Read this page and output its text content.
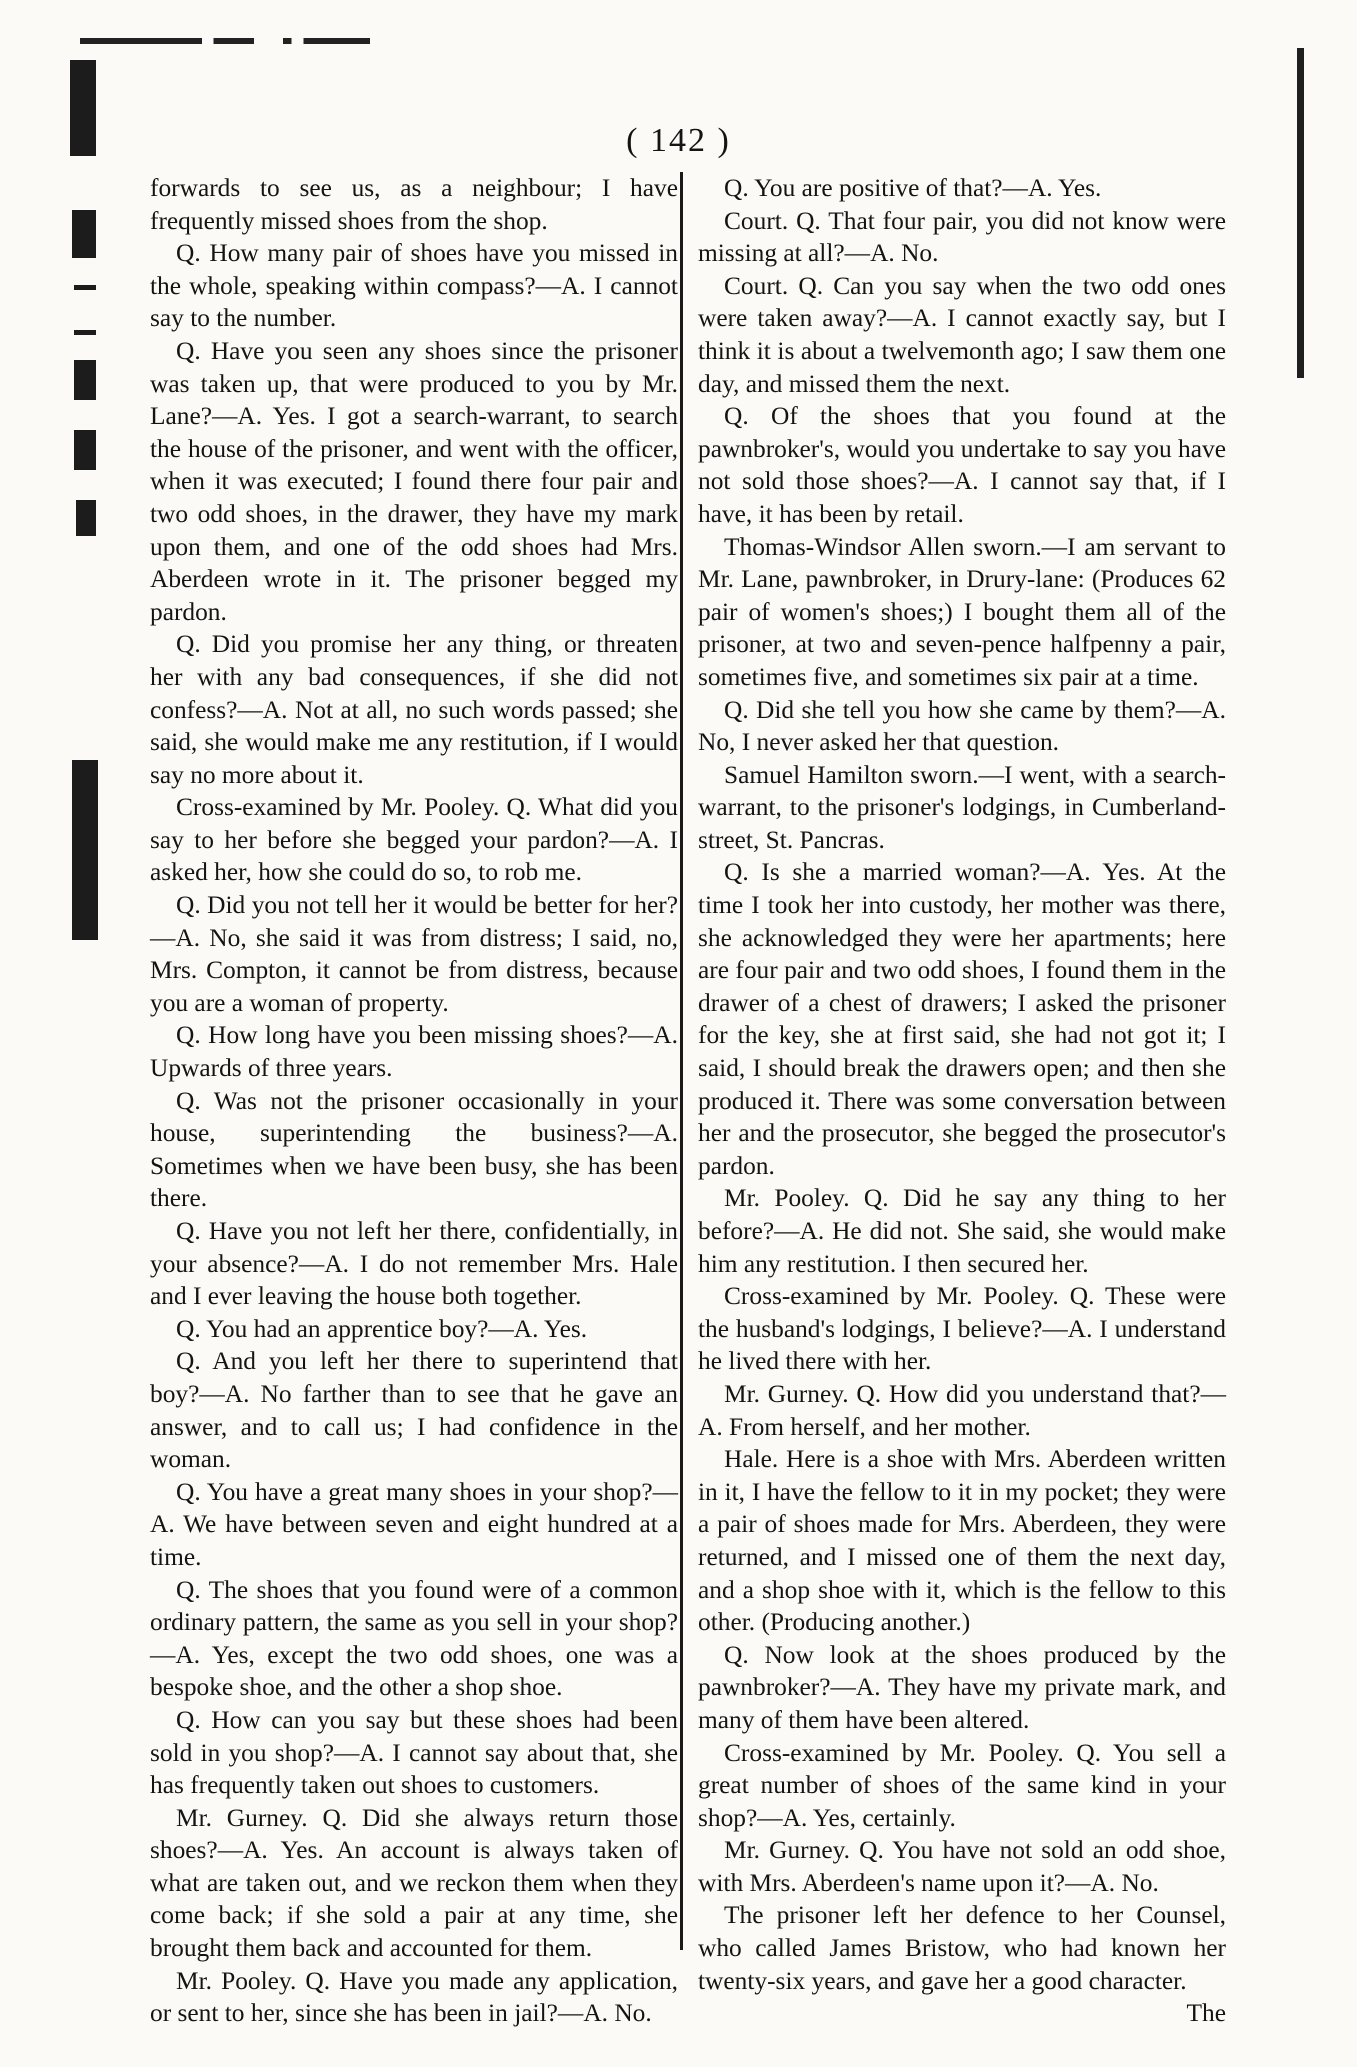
( 142 )

forwards to see us, as a neighbour; I have frequently missed shoes from the shop.

Q. How many pair of shoes have you missed in the whole, speaking within compass?—A. I cannot say to the number.

Q. Have you seen any shoes since the prisoner was taken up, that were produced to you by Mr. Lane?—A. Yes. I got a search-warrant, to search the house of the prisoner, and went with the officer, when it was executed; I found there four pair and two odd shoes, in the drawer, they have my mark upon them, and one of the odd shoes had Mrs. Aberdeen wrote in it. The prisoner begged my pardon.

Q. Did you promise her any thing, or threaten her with any bad consequences, if she did not confess?—A. Not at all, no such words passed; she said, she would make me any restitution, if I would say no more about it.

Cross-examined by Mr. Pooley. Q. What did you say to her before she begged your pardon?—A. I asked her, how she could do so, to rob me.

Q. Did you not tell her it would be better for her?—A. No, she said it was from distress; I said, no, Mrs. Compton, it cannot be from distress, because you are a woman of property.

Q. How long have you been missing shoes?—A. Upwards of three years.

Q. Was not the prisoner occasionally in your house, superintending the business?—A. Sometimes when we have been busy, she has been there.

Q. Have you not left her there, confidentially, in your absence?—A. I do not remember Mrs. Hale and I ever leaving the house both together.

Q. You had an apprentice boy?—A. Yes.

Q. And you left her there to superintend that boy?—A. No farther than to see that he gave an answer, and to call us; I had confidence in the woman.

Q. You have a great many shoes in your shop?—A. We have between seven and eight hundred at a time.

Q. The shoes that you found were of a common ordinary pattern, the same as you sell in your shop?—A. Yes, except the two odd shoes, one was a bespoke shoe, and the other a shop shoe.

Q. How can you say but these shoes had been sold in you shop?—A. I cannot say about that, she has frequently taken out shoes to customers.

Mr. Gurney. Q. Did she always return those shoes?—A. Yes. An account is always taken of what are taken out, and we reckon them when they come back; if she sold a pair at any time, she brought them back and accounted for them.

Mr. Pooley. Q. Have you made any application, or sent to her, since she has been in jail?—A. No.

Q. You are positive of that?—A. Yes.

Court. Q. That four pair, you did not know were missing at all?—A. No.

Court. Q. Can you say when the two odd ones were taken away?—A. I cannot exactly say, but I think it is about a twelvemonth ago; I saw them one day, and missed them the next.

Q. Of the shoes that you found at the pawnbroker's, would you undertake to say you have not sold those shoes?—A. I cannot say that, if I have, it has been by retail.

Thomas-Windsor Allen sworn.—I am servant to Mr. Lane, pawnbroker, in Drury-lane: (Produces 62 pair of women's shoes;) I bought them all of the prisoner, at two and seven-pence halfpenny a pair, sometimes five, and sometimes six pair at a time.

Q. Did she tell you how she came by them?—A. No, I never asked her that question.

Samuel Hamilton sworn.—I went, with a search-warrant, to the prisoner's lodgings, in Cumberland-street, St. Pancras.

Q. Is she a married woman?—A. Yes. At the time I took her into custody, her mother was there, she acknowledged they were her apartments; here are four pair and two odd shoes, I found them in the drawer of a chest of drawers; I asked the prisoner for the key, she at first said, she had not got it; I said, I should break the drawers open; and then she produced it. There was some conversation between her and the prosecutor, she begged the prosecutor's pardon.

Mr. Pooley. Q. Did he say any thing to her before?—A. He did not. She said, she would make him any restitution. I then secured her.

Cross-examined by Mr. Pooley. Q. These were the husband's lodgings, I believe?—A. I understand he lived there with her.

Mr. Gurney. Q. How did you understand that?—A. From herself, and her mother.

Hale. Here is a shoe with Mrs. Aberdeen written in it, I have the fellow to it in my pocket; they were a pair of shoes made for Mrs. Aberdeen, they were returned, and I missed one of them the next day, and a shop shoe with it, which is the fellow to this other. (Producing another.)

Q. Now look at the shoes produced by the pawnbroker?—A. They have my private mark, and many of them have been altered.

Cross-examined by Mr. Pooley. Q. You sell a great number of shoes of the same kind in your shop?—A. Yes, certainly.

Mr. Gurney. Q. You have not sold an odd shoe, with Mrs. Aberdeen's name upon it?—A. No.

The prisoner left her defence to her Counsel, who called James Bristow, who had known her twenty-six years, and gave her a good character.

The
